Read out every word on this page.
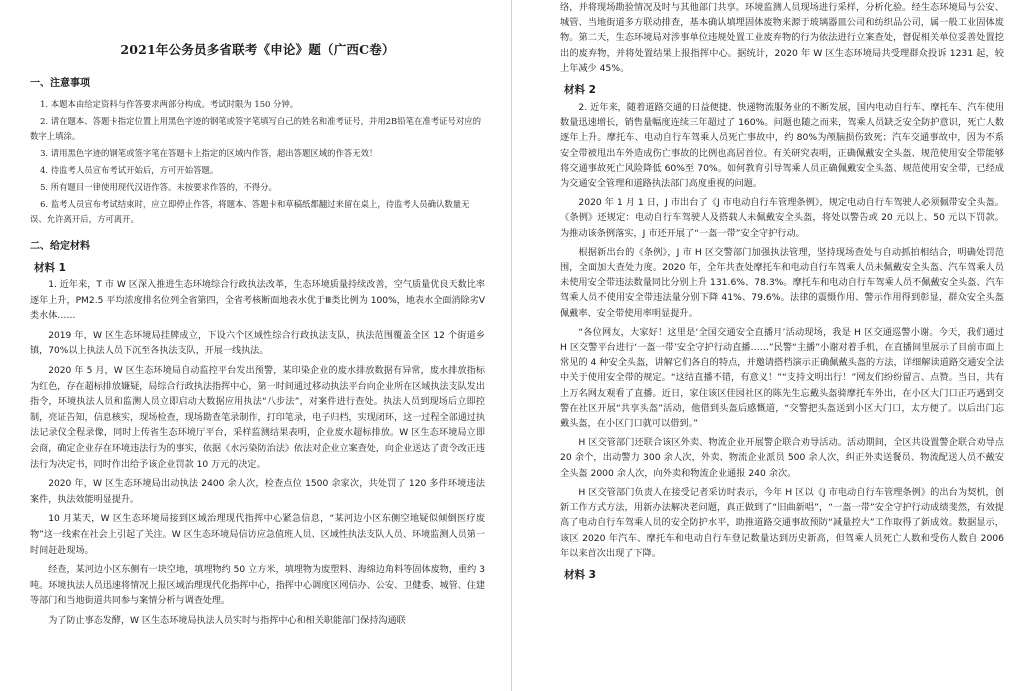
2021年公务员多省联考《申论》题（广西C卷）
一、注意事项

1. 本题本由给定资料与作答要求两部分构成。考试时限为 150 分钟。

2. 请在题本、答题卡指定位置上用黑色字迹的钢笔或签字笔填写自己的姓名和准考证号，并用2B铅笔在准考证号对应的数字上填涂。

3. 请用黑色字迹的钢笔或签字笔在答题卡上指定的区域内作答，超出答题区域的作答无效！

4. 待监考人员宣布考试开始后，方可开始答题。

5. 所有题目一律使用现代汉语作答。未按要求作答的，不得分。

6. 监考人员宣布考试结束时，应立即停止作答，将题本、答题卡和草稿纸都翻过来留在桌上，待监考人员确认数量无误、允许离开后，方可离开。

二、给定材料
材料 1

1. 近年来，T 市 W 区深入推进生态环境综合行政执法改革，生态环境质量持续改善，空气质量优良天数比率逐年上升，PM2.5 平均浓度排名位列全省第四，全省考核断面地表水优于Ⅲ类比例为 100%，地表水全面消除劣Ⅴ类水体……

2019 年，W 区生态环境局挂牌成立，下设六个区域性综合行政执法支队，执法范围覆盖全区 12 个街道乡镇，70%以上执法人员下沉至各执法支队，开展一线执法。

2020 年 5 月，W 区生态环境局自动监控平台发出预警，某印染企业的废水排放数据有异常，废水排放指标为红色，存在超标排放嫌疑，局综合行政执法指挥中心，第一时间通过移动执法平台向企业所在区域执法支队发出指令，环境执法人员和监测人员立即启动大数据应用执法“八步法”，对案件进行查处。执法人员到现场后立即控制，亮证告知，信息核实，现场检查，现场勘查笔录制作，打印笔录，电子归档，实现闭环，这一过程全部通过执法记录仪全程录像，同时上传省生态环境厅平台，采样监测结果表明，企业废水超标排放。W 区生态环境局立即会商，确定企业存在环境违法行为的事实，依据《水污染防治法》依法对企业立案查处，向企业送达了责令改正违法行为决定书，同时作出给予该企业罚款 10 万元的决定。

2020 年，W 区生态环境局出动执法 2400 余人次，检查点位 1500 余家次，共处罚了 120 多件环境违法案件，执法效能明显提升。

10 月某天，W 区生态环境局接到区域治理现代指挥中心紧急信息，“某河边小区东侧空地疑似倾倒医疗废物”这一线索在社会上引起了关注。W 区生态环境局信访应急值班人员、区域性执法支队人员、环境监测人员第一时间赶赴现场。

经查，某河边小区东侧有一块空地，填埋物约 50 立方米，填埋物为废塑料、海绵边角料等固体废物，重约 3 吨。环境执法人员迅速将情况上报区域治理现代化指挥中心，指挥中心调度区网信办、公安、卫健委、城管、住建等部门和当地街道共同参与案情分析与调查处理。

为了防止事态发酵，W 区生态环境局执法人员实时与指挥中心和相关职能部门保持沟通联

络，并将现场勘验情况及时与其他部门共享。环境监测人员现场进行采样，分析化验。经生态环境局与公安、城管、当地街道多方联动排查，基本确认填埋固体废物来源于玻璃器皿公司和纺织品公司，属一般工业固体废物。第二天，生态环境局对涉事单位违规处置工业废弃物的行为依法进行立案查处，督促相关单位妥善处置挖出的废弃物，并将处置结果上报指挥中心。据统计，2020 年 W 区生态环境局共受理群众投诉 1231 起，较上年减少 45%。

材料 2

2. 近年来，随着道路交通的日益便捷、快递物流服务业的不断发展，国内电动自行车、摩托车、汽车使用数量迅速增长，销售量幅度连续三年超过了 160%。问题也随之而来，驾乘人员缺乏安全防护意识，死亡人数逐年上升。摩托车、电动自行车驾乘人员死亡事故中，约 80%为颅脑损伤致死；汽车交通事故中，因为不系安全带被甩出车外造成伤亡事故的比例也高居首位。有关研究表明，正确佩戴安全头盔、规范使用安全带能够将交通事故死亡风险降低 60%至 70%。如何教育引导驾乘人员正确佩戴安全头盔、规范使用安全带，已经成为交通安全管理和道路执法部门高度重视的问题。

2020 年 1 月 1 日，J 市出台了《J 市电动自行车管理条例》，规定电动自行车驾驶人必须佩带安全头盔。《条例》还规定：电动自行车驾驶人及搭载人未佩戴安全头盔，将处以警告或 20 元以上、50 元以下罚款。为推动该条例落实，J 市还开展了“一盔一带”安全守护行动。

根据新出台的《条例》，J 市 H 区交警部门加强执法管理，坚持现场查处与自动抓拍相结合，明确处罚范围，全面加大查处力度。2020 年，全年共查处摩托车和电动自行车驾乘人员未佩戴安全头盔、汽车驾乘人员未使用安全带违法数量同比分别上升 131.6%、78.3%。摩托车和电动自行车驾乘人员不佩戴安全头盔、汽车驾乘人员不使用安全带违法量分别下降 41%、79.6%。法律的震慑作用、警示作用得到彰显，群众安全头盔佩戴率、安全带使用率明显提升。

“各位网友，大家好！这里是‘全国交通安全直播月’活动现场，我是 H 区交通巡警小谢。今天，我们通过 H 区交警平台进行‘一盔一带’安全守护行动直播……”民警“主播”小谢对着手机，在直播间里展示了目前市面上常见的 4 种安全头盔，讲解它们各自的特点，并邀请搭档演示正确佩戴头盔的方法，详细解读道路交通安全法中关于使用安全带的规定。“这结直播不错，有意义！”“支持文明出行！”网友们纷纷留言、点赞。当日，共有上万名网友观看了直播。近日，家住该区佳园社区的陈先生忘戴头盔骑摩托车外出，在小区大门口正巧遇到交警在社区开展“共享头盔”活动，他借到头盔后感慨道，“交警把头盔送到小区大门口，太方便了。以后出门忘戴头盔，在小区门口就可以借到。”

H 区交管部门还联合该区外卖、物流企业开展警企联合劝导活动。活动期间，全区共设置警企联合劝导点 20 余个，出动警力 300 余人次，外卖、物流企业派员 500 余人次，纠正外卖送餐员、物流配送人员不戴安全头盔 2000 余人次，向外卖和物流企业通报 240 余次。

H 区交管部门负责人在接受记者采访时表示，今年 H 区以《J 市电动自行车管理条例》的出台为契机，创新工作方式方法，用新办法解决老问题，真正做到了“旧曲新唱”，“一盔一带”安全守护行动成绩斐然，有效提高了电动自行车驾乘人员的安全防护水平，助推道路交通事故预防“减量控大”工作取得了新成效。数据显示，该区 2020 年汽车、摩托车和电动自行车登记数量达到历史新高，但驾乘人员死亡人数和受伤人数自 2006 年以来首次出现了下降。

材料 3
